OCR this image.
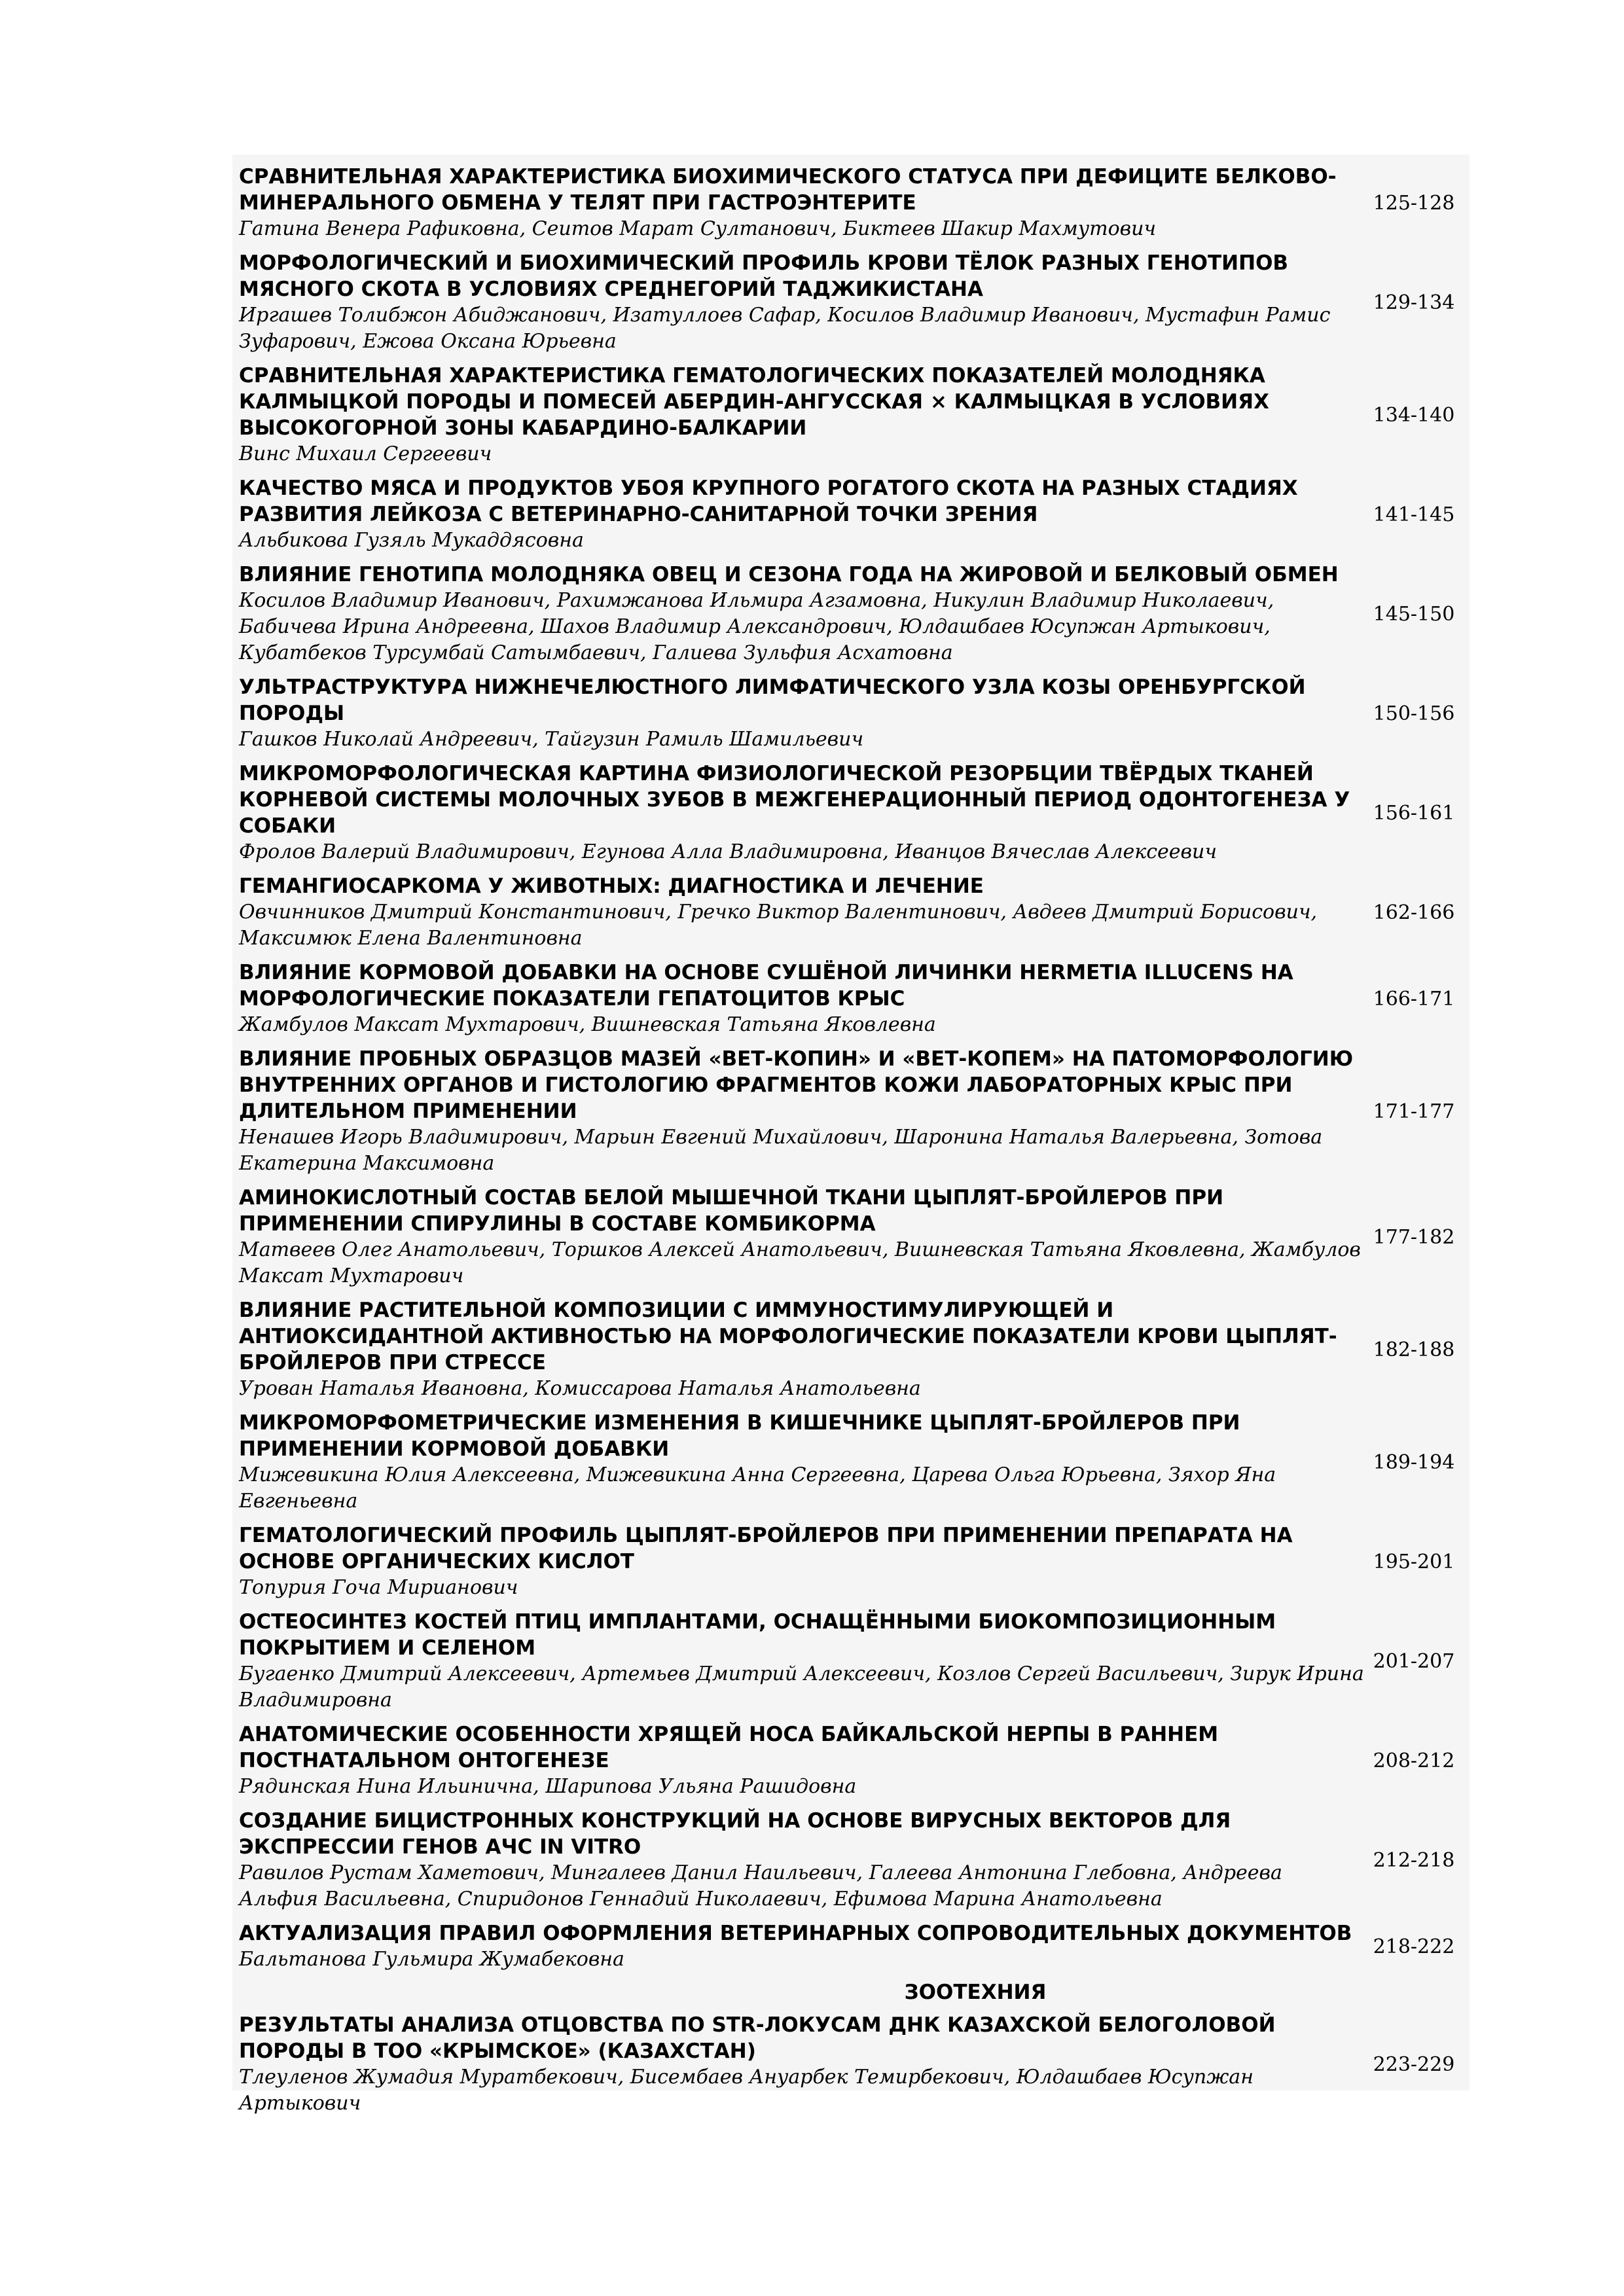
СРАВНИТЕЛЬНАЯ ХАРАКТЕРИСТИКА БИОХИМИЧЕСКОГО СТАТУСА ПРИ ДЕФИЦИТЕ БЕЛКОВО-МИНЕРАЛЬНОГО ОБМЕНА У ТЕЛЯТ ПРИ ГАСТРОЭНТЕРИТЕ
Гатина Венера Рафиковна, Сеитов Марат Султанович, Биктеев Шакир Махмутович
125-128
МОРФОЛОГИЧЕСКИЙ И БИОХИМИЧЕСКИЙ ПРОФИЛЬ КРОВИ ТЁЛОК РАЗНЫХ ГЕНОТИПОВ МЯСНОГО СКОТА В УСЛОВИЯХ СРЕДНЕГОРИЙ ТАДЖИКИСТАНА
Иргашев Толибжон Абиджанович, Изатуллоев Сафар, Косилов Владимир Иванович, Мустафин Рамис Зуфарович, Ежова Оксана Юрьевна
129-134
СРАВНИТЕЛЬНАЯ ХАРАКТЕРИСТИКА ГЕМАТОЛОГИЧЕСКИХ ПОКАЗАТЕЛЕЙ МОЛОДНЯКА КАЛМЫЦКОЙ ПОРОДЫ И ПОМЕСЕЙ АБЕРДИН-АНГУССКАЯ × КАЛМЫЦКАЯ В УСЛОВИЯХ ВЫСОКОГОРНОЙ ЗОНЫ КАБАРДИНО-БАЛКАРИИ
Винс Михаил Сергеевич
134-140
КАЧЕСТВО МЯСА И ПРОДУКТОВ УБОЯ КРУПНОГО РОГАТОГО СКОТА НА РАЗНЫХ СТАДИЯХ РАЗВИТИЯ ЛЕЙКОЗА С ВЕТЕРИНАРНО-САНИТАРНОЙ ТОЧКИ ЗРЕНИЯ
Альбикова Гузяль Мукаддясовна
141-145
ВЛИЯНИЕ ГЕНОТИПА МОЛОДНЯКА ОВЕЦ И СЕЗОНА ГОДА НА ЖИРОВОЙ И БЕЛКОВЫЙ ОБМЕН
Косилов Владимир Иванович, Рахимжанова Ильмира Агзамовна, Никулин Владимир Николаевич, Бабичева Ирина Андреевна, Шахов Владимир Александрович, Юлдашбаев Юсупжан Артыкович, Кубатбеков Турсумбай Сатымбаевич, Галиева Зульфия Асхатовна
145-150
УЛЬТРАСТРУКТУРА НИЖНЕЧЕЛЮСТНОГО ЛИМФАТИЧЕСКОГО УЗЛА КОЗЫ ОРЕНБУРГСКОЙ ПОРОДЫ
Гашков Николай Андреевич, Тайгузин Рамиль Шамильевич
150-156
МИКРОМОРФОЛОГИЧЕСКАЯ КАРТИНА ФИЗИОЛОГИЧЕСКОЙ РЕЗОРБЦИИ ТВЁРДЫХ ТКАНЕЙ КОРНЕВОЙ СИСТЕМЫ МОЛОЧНЫХ ЗУБОВ В МЕЖГЕНЕРАЦИОННЫЙ ПЕРИОД ОДОНТОГЕНЕЗА У СОБАКИ
Фролов Валерий Владимирович, Егунова Алла Владимировна, Иванцов Вячеслав Алексеевич
156-161
ГЕМАНГИОСАРКОМА У ЖИВОТНЫХ: ДИАГНОСТИКА И ЛЕЧЕНИЕ
Овчинников Дмитрий Константинович, Гречко Виктор Валентинович, Авдеев Дмитрий Борисович, Максимюк Елена Валентиновна
162-166
ВЛИЯНИЕ КОРМОВОЙ ДОБАВКИ НА ОСНОВЕ СУШЁНОЙ ЛИЧИНКИ HERMETIA ILLUCENS НА МОРФОЛОГИЧЕСКИЕ ПОКАЗАТЕЛИ ГЕПАТОЦИТОВ КРЫС
Жамбулов Максат Мухтарович, Вишневская Татьяна Яковлевна
166-171
ВЛИЯНИЕ ПРОБНЫХ ОБРАЗЦОВ МАЗЕЙ «ВЕТ-КОПИН» И «ВЕТ-КОПЕМ» НА ПАТОМОРФОЛОГИЮ ВНУТРЕННИХ ОРГАНОВ И ГИСТОЛОГИЮ ФРАГМЕНТОВ КОЖИ ЛАБОРАТОРНЫХ КРЫС ПРИ ДЛИТЕЛЬНОМ ПРИМЕНЕНИИ
Ненашев Игорь Владимирович, Марьин Евгений Михайлович, Шаронина Наталья Валерьевна, Зотова Екатерина Максимовна
171-177
АМИНОКИСЛОТНЫЙ СОСТАВ БЕЛОЙ МЫШЕЧНОЙ ТКАНИ ЦЫПЛЯТ-БРОЙЛЕРОВ ПРИ ПРИМЕНЕНИИ СПИРУЛИНЫ В СОСТАВЕ КОМБИКОРМА
Матвеев Олег Анатольевич, Торшков Алексей Анатольевич, Вишневская Татьяна Яковлевна, Жамбулов Максат Мухтарович
177-182
ВЛИЯНИЕ РАСТИТЕЛЬНОЙ КОМПОЗИЦИИ С ИММУНОСТИМУЛИРУЮЩЕЙ И АНТИОКСИДАНТНОЙ АКТИВНОСТЬЮ НА МОРФОЛОГИЧЕСКИЕ ПОКАЗАТЕЛИ КРОВИ ЦЫПЛЯТ-БРОЙЛЕРОВ ПРИ СТРЕССЕ
Урован Наталья Ивановна, Комиссарова Наталья Анатольевна
182-188
МИКРОМОРФОМЕТРИЧЕСКИЕ ИЗМЕНЕНИЯ В КИШЕЧНИКЕ ЦЫПЛЯТ-БРОЙЛЕРОВ ПРИ ПРИМЕНЕНИИ КОРМОВОЙ ДОБАВКИ
Мижевикина Юлия Алексеевна, Мижевикина Анна Сергеевна, Царева Ольга Юрьевна, Зяхор Яна Евгеньевна
189-194
ГЕМАТОЛОГИЧЕСКИЙ ПРОФИЛЬ ЦЫПЛЯТ-БРОЙЛЕРОВ ПРИ ПРИМЕНЕНИИ ПРЕПАРАТА НА ОСНОВЕ ОРГАНИЧЕСКИХ КИСЛОТ
Топурия Гоча Мирианович
195-201
ОСТЕОСИНТЕЗ КОСТЕЙ ПТИЦ ИМПЛАНТАМИ, ОСНАЩЁННЫМИ БИОКОМПОЗИЦИОННЫМ ПОКРЫТИЕМ И СЕЛЕНОМ
Бугаенко Дмитрий Алексеевич, Артемьев Дмитрий Алексеевич, Козлов Сергей Васильевич, Зирук Ирина Владимировна
201-207
АНАТОМИЧЕСКИЕ ОСОБЕННОСТИ ХРЯЩЕЙ НОСА БАЙКАЛЬСКОЙ НЕРПЫ В РАННЕМ ПОСТНАТАЛЬНОМ ОНТОГЕНЕЗЕ
Рядинская Нина Ильинична, Шарипова Ульяна Рашидовна
208-212
СОЗДАНИЕ БИЦИСТРОННЫХ КОНСТРУКЦИЙ НА ОСНОВЕ ВИРУСНЫХ ВЕКТОРОВ ДЛЯ ЭКСПРЕССИИ ГЕНОВ АЧС IN VITRO
Равилов Рустам Хаметович, Мингалеев Данил Наильевич, Галеева Антонина Глебовна, Андреева Альфия Васильевна, Спиридонов Геннадий Николаевич, Ефимова Марина Анатольевна
212-218
АКТУАЛИЗАЦИЯ ПРАВИЛ ОФОРМЛЕНИЯ ВЕТЕРИНАРНЫХ СОПРОВОДИТЕЛЬНЫХ ДОКУМЕНТОВ
Бальтанова Гульмира Жумабековна
218-222
ЗООТЕХНИЯ
РЕЗУЛЬТАТЫ АНАЛИЗА ОТЦОВСТВА ПО STR-ЛОКУСАМ ДНК КАЗАХСКОЙ БЕЛОГОЛОВОЙ ПОРОДЫ В ТОО «КРЫМСКОЕ» (КАЗАХСТАН)
Тлеуленов Жумадия Муратбекович, Бисембаев Ануарбек Темирбекович, Юлдашбаев Юсупжан Артыкович
223-229
